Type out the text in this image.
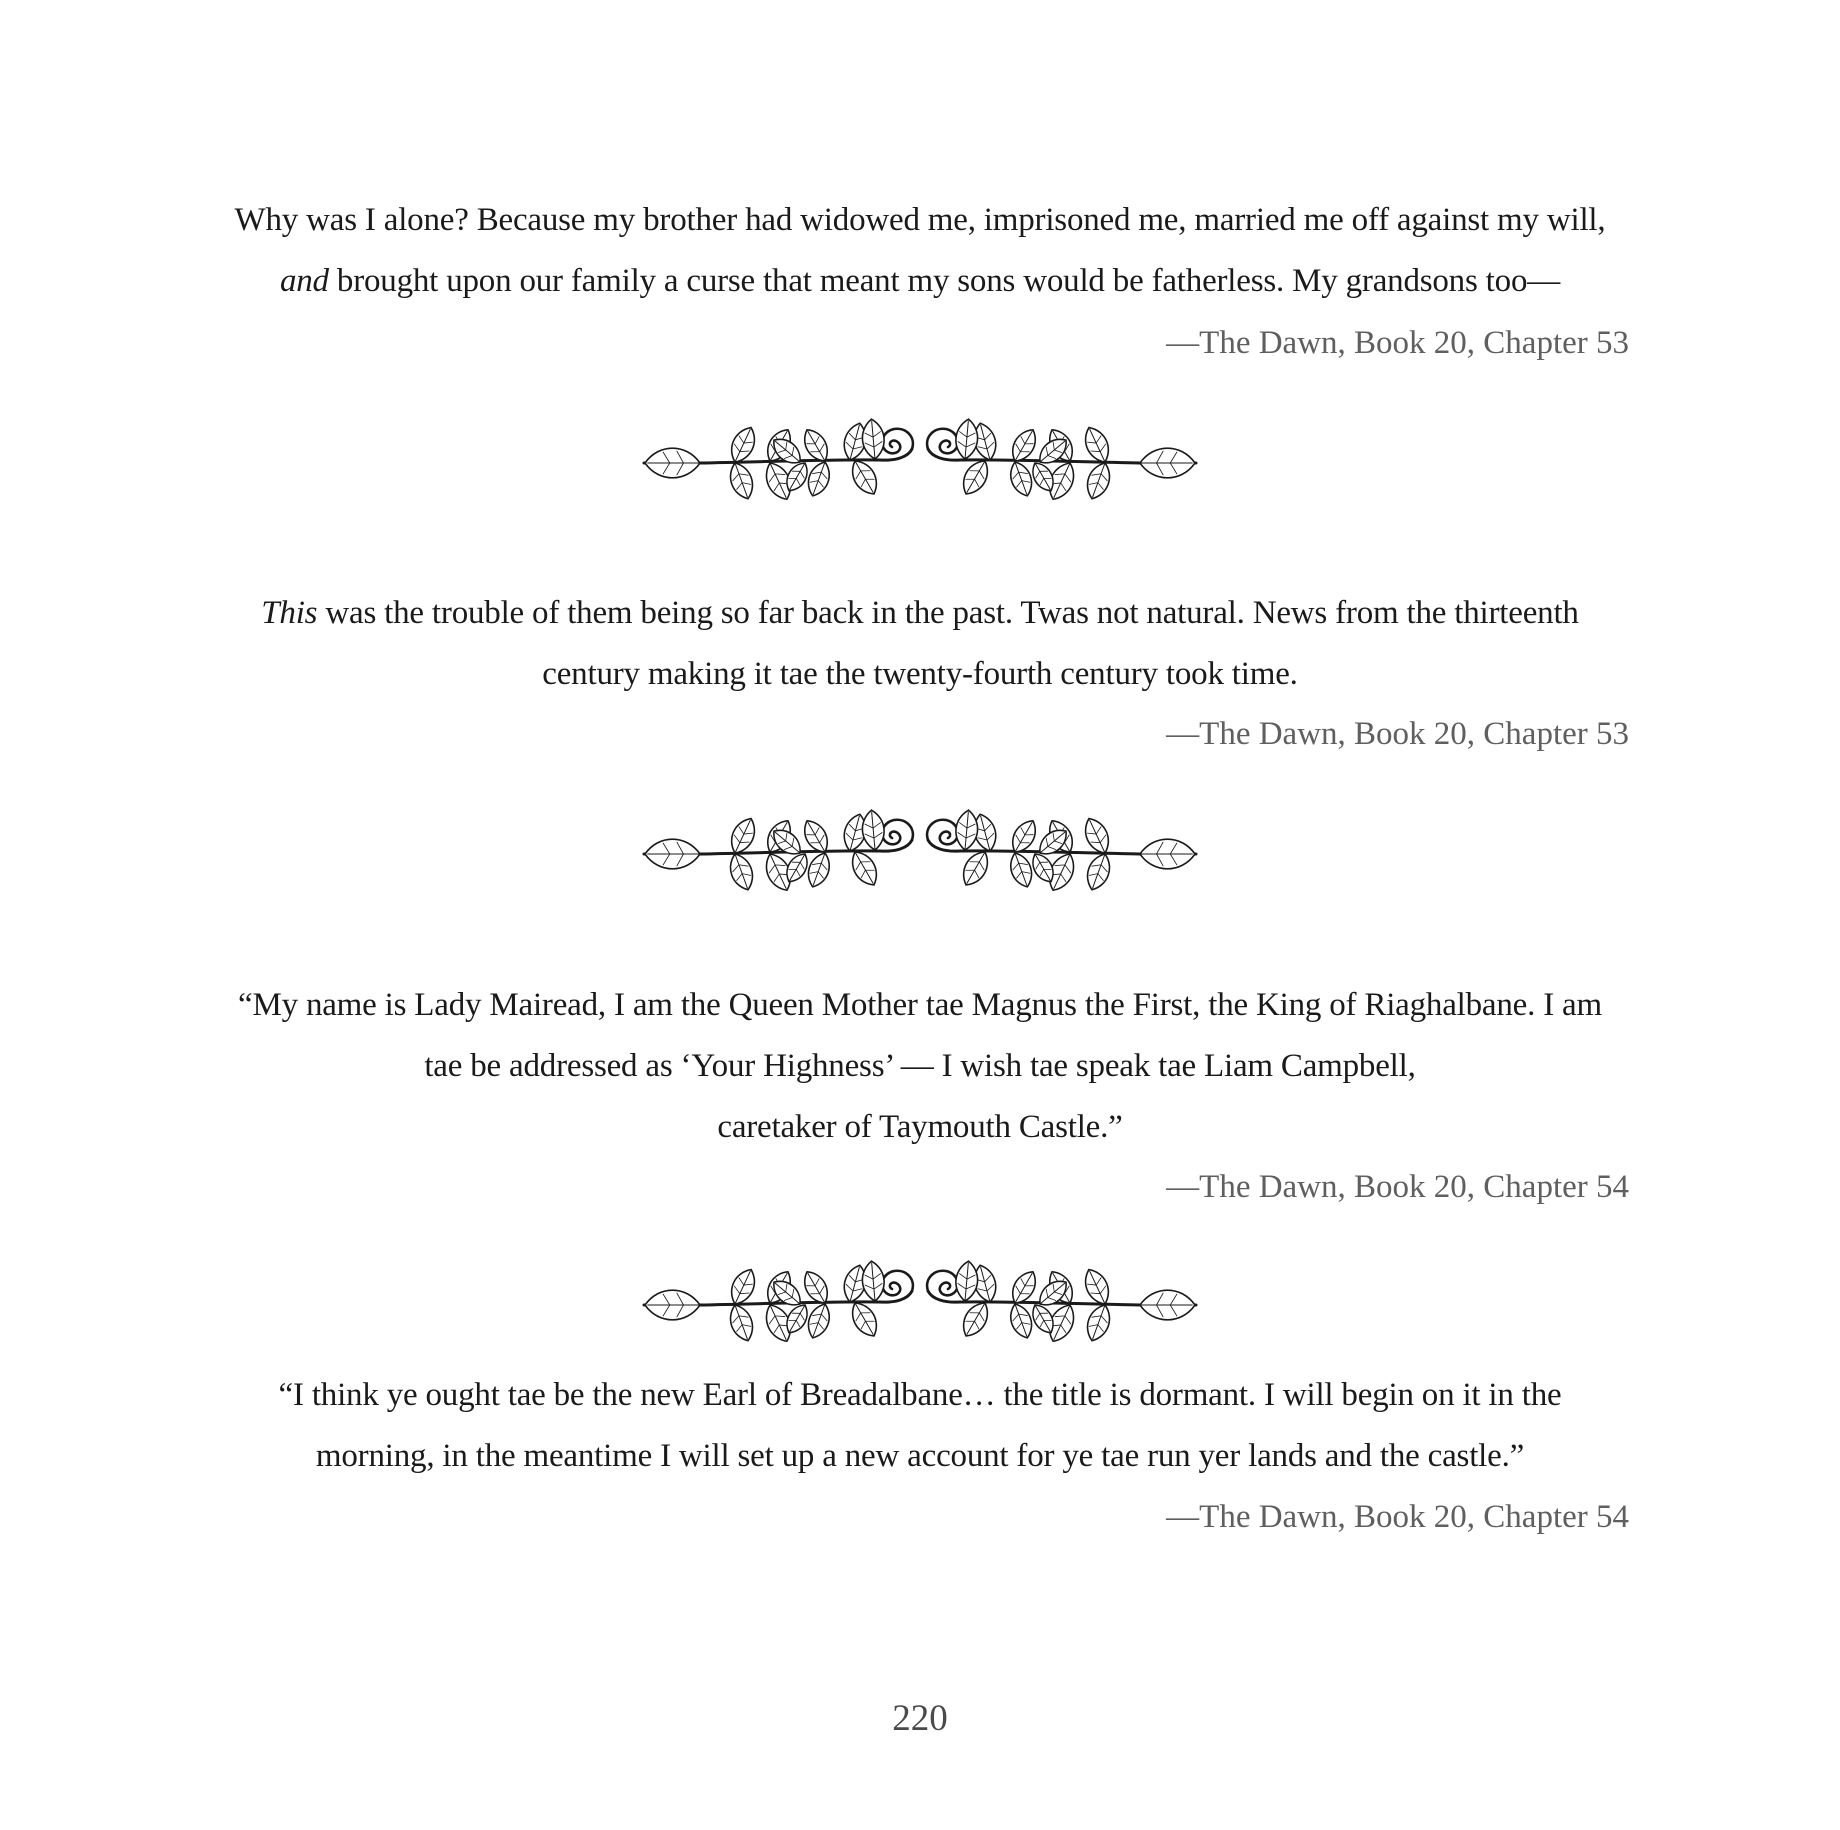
Why was I alone? Because my brother had widowed me, imprisoned me, married me off against my will,
and brought upon our family a curse that meant my sons would be fatherless. My grandsons too—
—The Dawn, Book 20, Chapter 53
This was the trouble of them being so far back in the past. Twas not natural. News from the thirteenth
century making it tae the twenty-fourth century took time.
—The Dawn, Book 20, Chapter 53
“My name is Lady Mairead, I am the Queen Mother tae Magnus the First, the King of Riaghalbane. I am
tae be addressed as ‘Your Highness’ — I wish tae speak tae Liam Campbell,
caretaker of Taymouth Castle.”
—The Dawn, Book 20, Chapter 54
“I think ye ought tae be the new Earl of Breadalbane… the title is dormant. I will begin on it in the
morning, in the meantime I will set up a new account for ye tae run yer lands and the castle.”
—The Dawn, Book 20, Chapter 54
220
